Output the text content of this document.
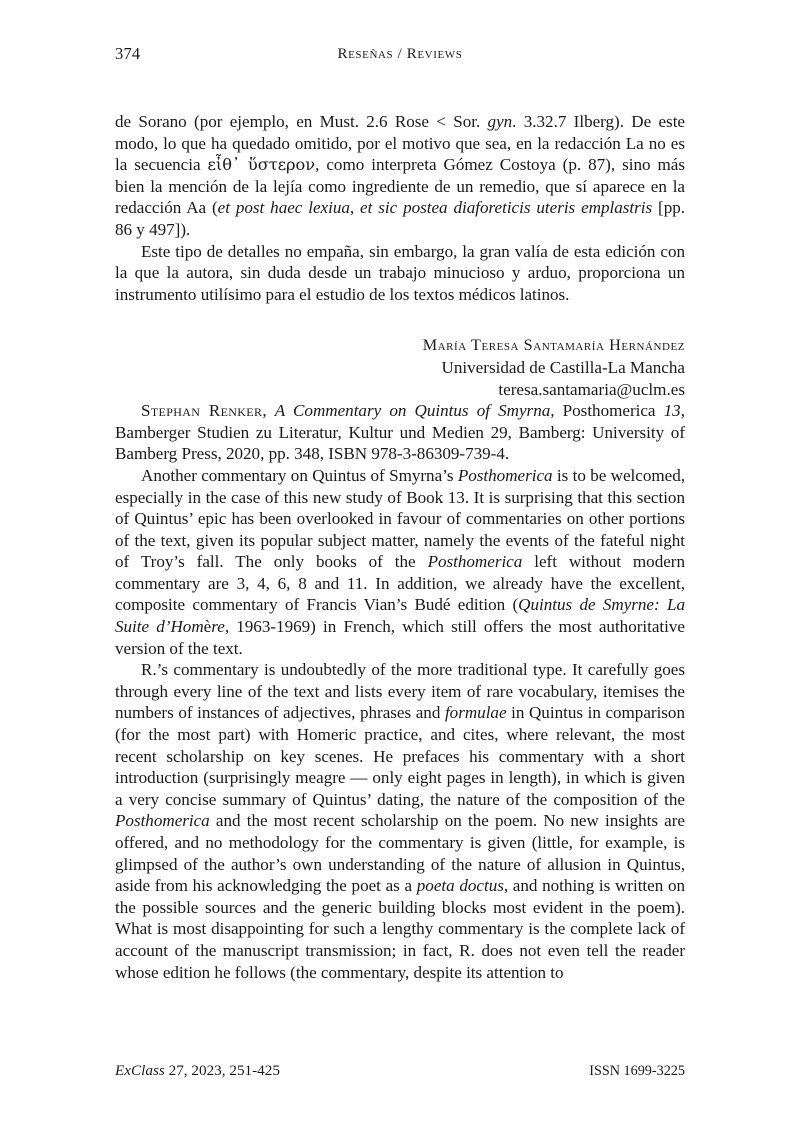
374	Reseñas / Reviews

de Sorano (por ejemplo, en Must. 2.6 Rose < Sor. gyn. 3.32.7 Ilberg). De este modo, lo que ha quedado omitido, por el motivo que sea, en la redacción La no es la secuencia εἶθ᾽ ὕστερον, como interpreta Gómez Costoya (p. 87), sino más bien la mención de la lejía como ingrediente de un remedio, que sí aparece en la redacción Aa (et post haec lexiua, et sic postea diaforeticis uteris emplastris [pp. 86 y 497]).

Este tipo de detalles no empaña, sin embargo, la gran valía de esta edición con la que la autora, sin duda desde un trabajo minucioso y arduo, proporciona un instrumento utilísimo para el estudio de los textos médicos latinos.

María Teresa Santamaría Hernández
Universidad de Castilla-La Mancha
teresa.santamaria@uclm.es

Stephan Renker, A Commentary on Quintus of Smyrna, Posthomerica 13, Bamberger Studien zu Literatur, Kultur und Medien 29, Bamberg: University of Bamberg Press, 2020, pp. 348, ISBN 978-3-86309-739-4.

Another commentary on Quintus of Smyrna’s Posthomerica is to be welcomed, especially in the case of this new study of Book 13. It is surprising that this section of Quintus’ epic has been overlooked in favour of commentaries on other portions of the text, given its popular subject matter, namely the events of the fateful night of Troy’s fall. The only books of the Posthomerica left without modern commentary are 3, 4, 6, 8 and 11. In addition, we already have the excellent, composite commentary of Francis Vian’s Budé edition (Quintus de Smyrne: La Suite d’Homère, 1963-1969) in French, which still offers the most authoritative version of the text.

R.’s commentary is undoubtedly of the more traditional type. It carefully goes through every line of the text and lists every item of rare vocabulary, itemises the numbers of instances of adjectives, phrases and formulae in Quintus in comparison (for the most part) with Homeric practice, and cites, where relevant, the most recent scholarship on key scenes. He prefaces his commentary with a short introduction (surprisingly meagre — only eight pages in length), in which is given a very concise summary of Quintus’ dating, the nature of the composition of the Posthomerica and the most recent scholarship on the poem. No new insights are offered, and no methodology for the commentary is given (little, for example, is glimpsed of the author’s own understanding of the nature of allusion in Quintus, aside from his acknowledging the poet as a poeta doctus, and nothing is written on the possible sources and the generic building blocks most evident in the poem). What is most disappointing for such a lengthy commentary is the complete lack of account of the manuscript transmission; in fact, R. does not even tell the reader whose edition he follows (the commentary, despite its attention to

ExClass 27, 2023, 251-425	ISSN 1699-3225
